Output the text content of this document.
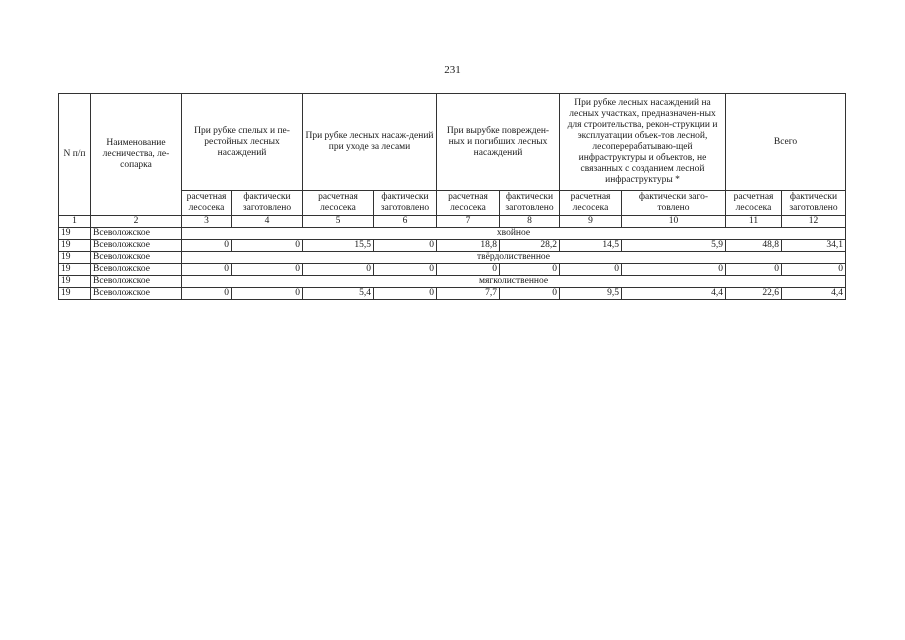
231
N п/п	Наименование лесничества, ле-сопарка	При рубке спелых и пе-рестойных лесных насаждений		При рубке лесных насаж-дений при уходе за лесами		При вырубке поврежден-ных и погибших лесных насаждений		При рубке лесных насаждений на лесных участках, предназначен-ных для строительства, рекон-струкции и эксплуатации объек-тов лесной, лесоперерабатываю-щей инфраструктуры и объектов, не связанных с созданием лесной инфраструктуры *		Всего	
		расчетная лесосека	фактически заготовлено	расчетная лесосека	фактически заготовлено	расчетная лесосека	фактически заготовлено	расчетная лесосека	фактически заго-товлено	расчетная лесосека	фактически заготовлено
1	2	3	4	5	6	7	8	9	10	11	12
19	Всеволожское	хвойное									
19	Всеволожское	0	0	15,5	0	18,8	28,2	14,5	5,9	48,8	34,1
19	Всеволожское	твёрдолиственное									
19	Всеволожское	0	0	0	0	0	0	0	0	0	0
19	Всеволожское	мягколиственное									
19	Всеволожское	0	0	5,4	0	7,7	0	9,5	4,4	22,6	4,4
